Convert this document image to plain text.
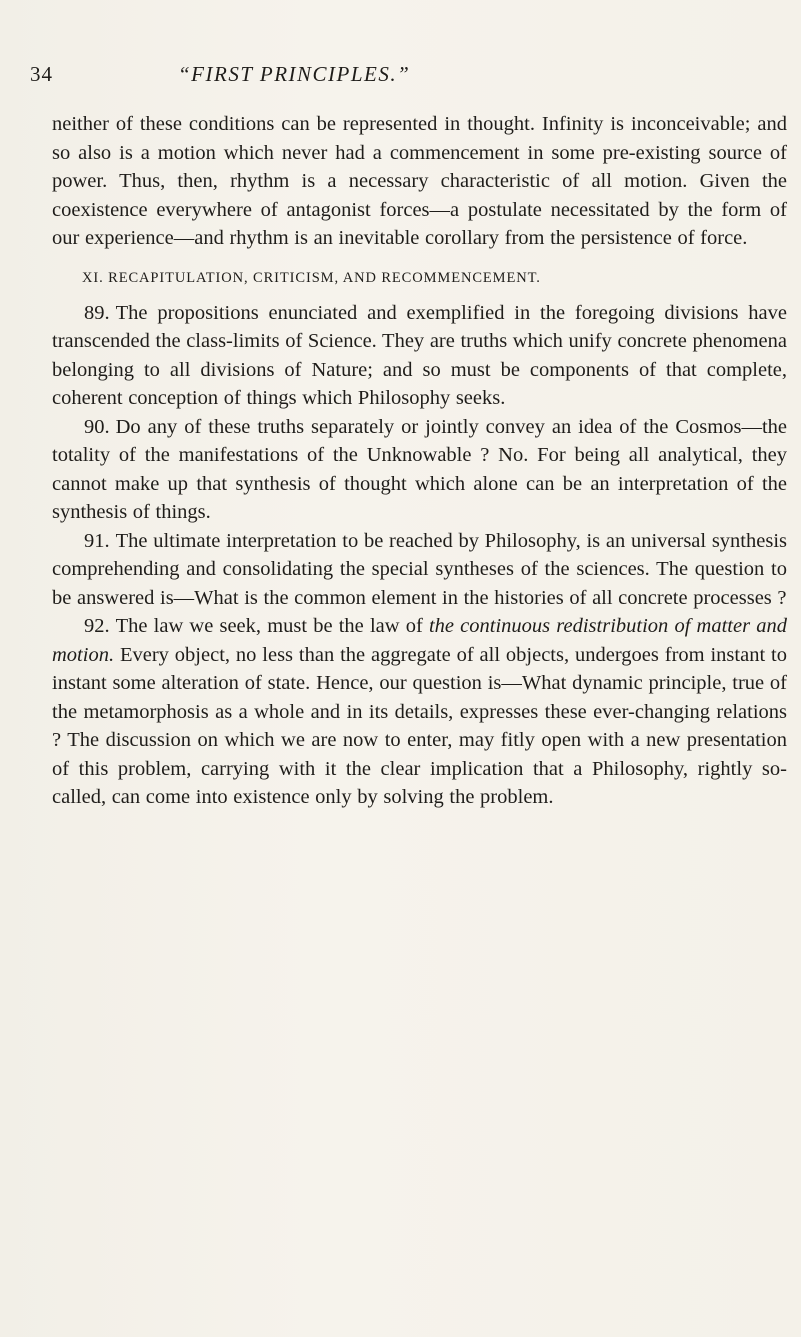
34	“FIRST PRINCIPLES.”

neither of these conditions can be represented in thought. Infinity is inconceivable; and so also is a motion which never had a commencement in some pre-existing source of power. Thus, then, rhythm is a necessary characteristic of all motion. Given the coexistence everywhere of antagonist forces—a postulate necessitated by the form of our experience—and rhythm is an inevitable corollary from the persistence of force.

XI. RECAPITULATION, CRITICISM, AND RECOMMENCEMENT.

89. The propositions enunciated and exemplified in the foregoing divisions have transcended the class-limits of Science. They are truths which unify concrete phenomena belonging to all divisions of Nature; and so must be components of that complete, coherent conception of things which Philosophy seeks.

90. Do any of these truths separately or jointly convey an idea of the Cosmos—the totality of the manifestations of the Unknowable ? No. For being all analytical, they cannot make up that synthesis of thought which alone can be an interpretation of the synthesis of things.

91. The ultimate interpretation to be reached by Philosophy, is an universal synthesis comprehending and consolidating the special syntheses of the sciences. The question to be answered is—What is the common element in the histories of all concrete processes ?

92. The law we seek, must be the law of the continuous redistribution of matter and motion. Every object, no less than the aggregate of all objects, undergoes from instant to instant some alteration of state. Hence, our question is—What dynamic principle, true of the metamorphosis as a whole and in its details, expresses these ever-changing relations ? The discussion on which we are now to enter, may fitly open with a new presentation of this problem, carrying with it the clear implication that a Philosophy, rightly so-called, can come into existence only by solving the problem.
